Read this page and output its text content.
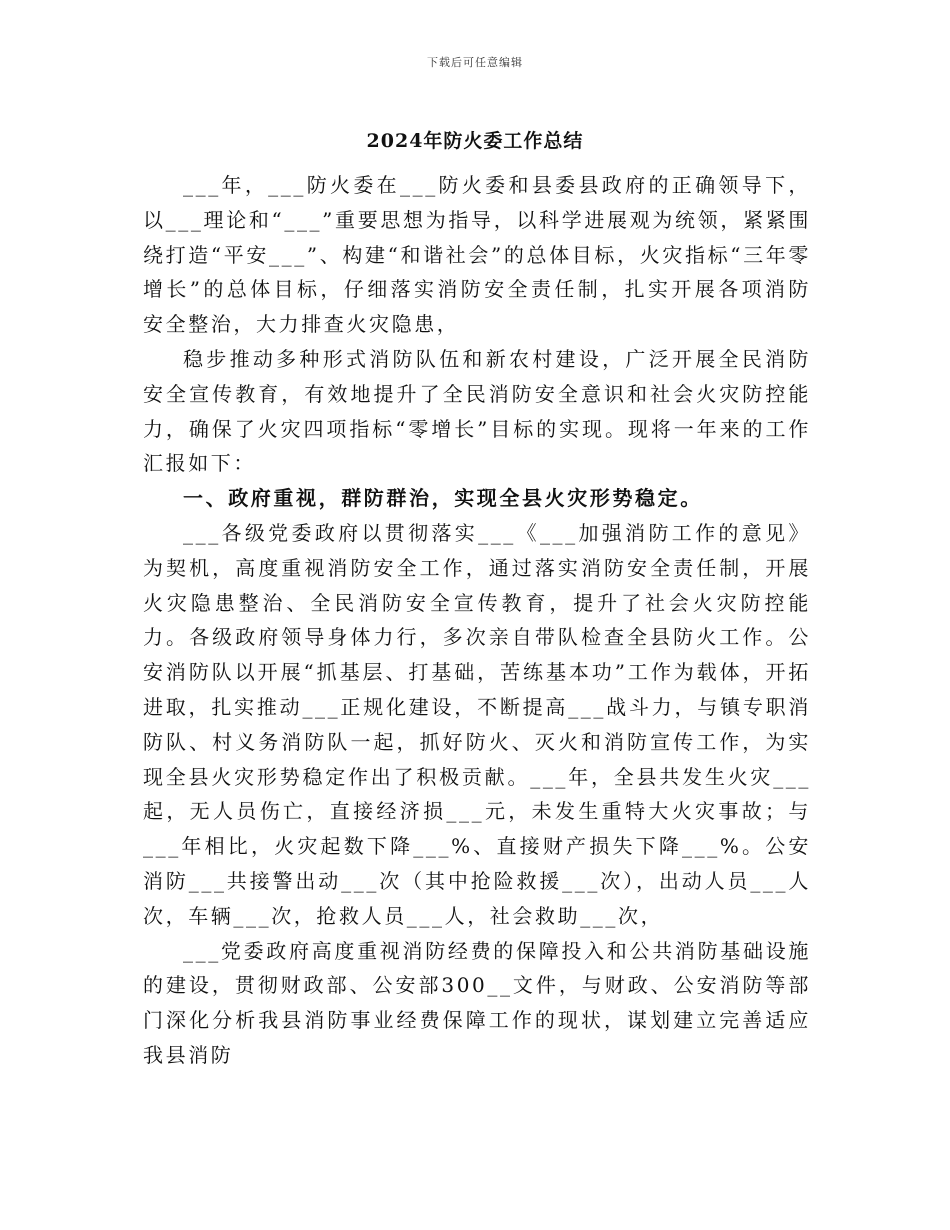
下载后可任意编辑
2024年防火委工作总结

___年，___防火委在___防火委和县委县政府的正确领导下，以___理论和“___”重要思想为指导，以科学进展观为统领，紧紧围绕打造“平安___”、构建“和谐社会”的总体目标，火灾指标“三年零增长”的总体目标，仔细落实消防安全责任制，扎实开展各项消防安全整治，大力排查火灾隐患，

稳步推动多种形式消防队伍和新农村建设，广泛开展全民消防安全宣传教育，有效地提升了全民消防安全意识和社会火灾防控能力，确保了火灾四项指标“零增长”目标的实现。现将一年来的工作汇报如下：

一、政府重视，群防群治，实现全县火灾形势稳定。

___各级党委政府以贯彻落实___《___加强消防工作的意见》为契机，高度重视消防安全工作，通过落实消防安全责任制，开展火灾隐患整治、全民消防安全宣传教育，提升了社会火灾防控能力。各级政府领导身体力行，多次亲自带队检查全县防火工作。公安消防队以开展“抓基层、打基础，苦练基本功”工作为载体，开拓进取，扎实推动___正规化建设，不断提高___战斗力，与镇专职消防队、村义务消防队一起，抓好防火、灭火和消防宣传工作，为实现全县火灾形势稳定作出了积极贡献。___年，全县共发生火灾___起，无人员伤亡，直接经济损___元，未发生重特大火灾事故；与___年相比，火灾起数下降___%、直接财产损失下降___%。公安消防___共接警出动___次（其中抢险救援___次），出动人员___人次，车辆___次，抢救人员___人，社会救助___次，

___党委政府高度重视消防经费的保障投入和公共消防基础设施的建设，贯彻财政部、公安部300__文件，与财政、公安消防等部门深化分析我县消防事业经费保障工作的现状，谋划建立完善适应我县消防
